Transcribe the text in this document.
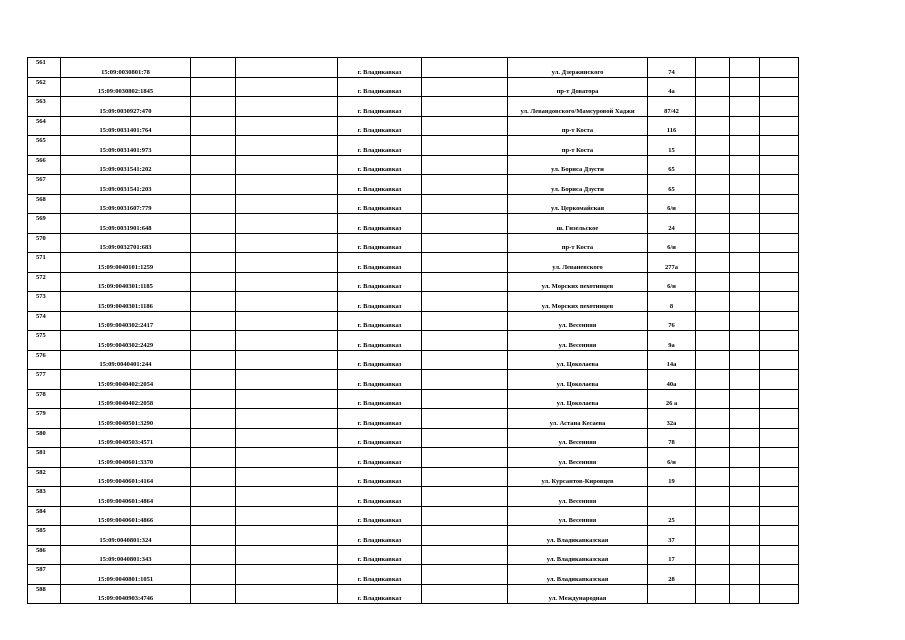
561	15:09:0030801:78			г. Владикавказ		ул. Дзержинского	74			
562	15:09:0030802:1845			г. Владикавказ		пр-т Доватора	4а			
563	15:09:0030927:470			г. Владикавказ		ул. Левандовского/Мамсуровой Хаджи	87/42			
564	15:09:0031401:764			г. Владикавказ		пр-т Коста	116			
565	15:09:0031401:973			г. Владикавказ		пр-т Коста	15			
566	15:09:0031541:202			г. Владикавказ		ул. Бориса Дзусти	65			
567	15:09:0031541:203			г. Владикавказ		ул. Бориса Дзусти	65			
568	15:09:0031607:779			г. Владикавказ		ул. Церкомайская	6/и			
569	15:09:0031901:648			г. Владикавказ		ш. Гизельское	24			
570	15:09:0032701:683			г. Владикавказ		пр-т Коста	6/и			
571	15:09:0040101:1259			г. Владикавказ		ул. Леваневского	277а			
572	15:09:0040301:1185			г. Владикавказ		ул. Морских пехотинцев	6/и			
573	15:09:0040301:1186			г. Владикавказ		ул. Морских пехотинцев	8			
574	15:09:0040302:2417			г. Владикавказ		ул. Весенняя	76			
575	15:09:0040302:2429			г. Владикавказ		ул. Весенняя	9а			
576	15:09:0040401:244			г. Владикавказ		ул. Цоколаева	14а			
577	15:09:0040402:2054			г. Владикавказ		ул. Цоколаева	40а			
578	15:09:0040402:2058			г. Владикавказ		ул. Цоколаева	26 а			
579	15:09:0040501:3290			г. Владикавказ		ул. Астана Кесаева	32а			
580	15:09:0040503:4571			г. Владикавказ		ул. Весенняя	78			
581	15:09:0040601:3370			г. Владикавказ		ул. Весенняя	6/и			
582	15:09:0040601:4164			г. Владикавказ		ул. Курсантов-Кировцев	19			
583	15:09:0040601:4864			г. Владикавказ		ул. Весенняя				
584	15:09:0040601:4866			г. Владикавказ		ул. Весенняя	25			
585	15:09:0040801:324			г. Владикавказ		ул. Владикавказская	37			
586	15:09:0040801:343			г. Владикавказ		ул. Владикавказская	17			
587	15:09:0040801:1051			г. Владикавказ		ул. Владикавказская	28			
588	15:09:0040903:4746			г. Владикавказ		ул. Международная				
